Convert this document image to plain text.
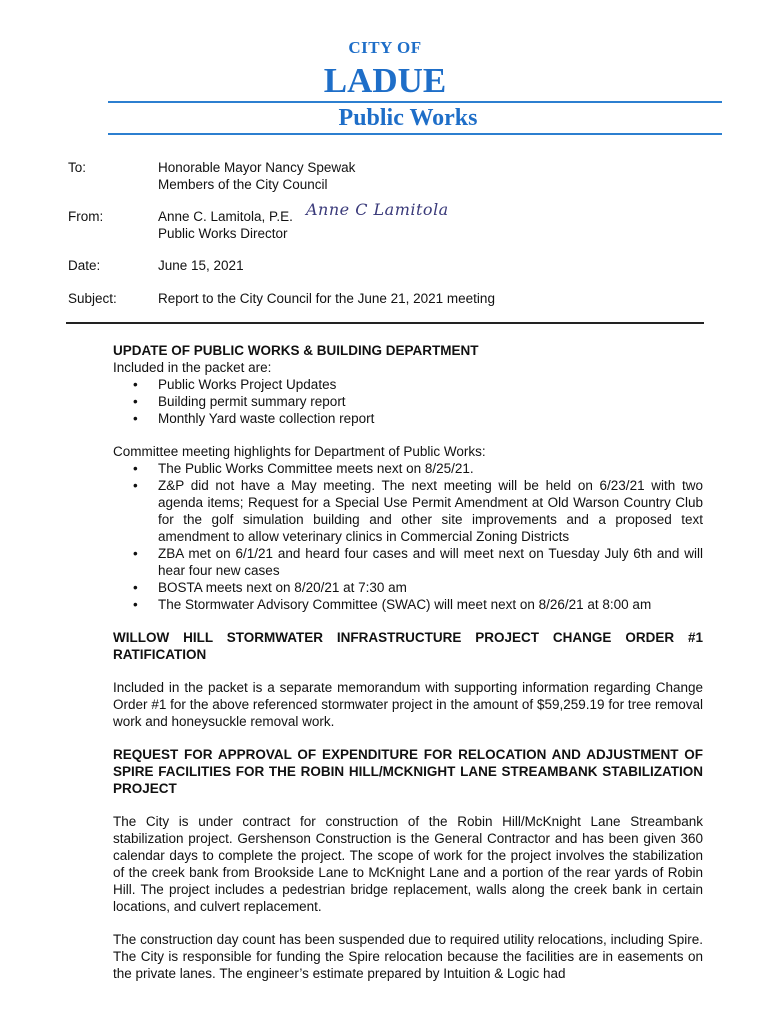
CITY OF
LADUE
Public Works
To:	Honorable Mayor Nancy Spewak
Members of the City Council
From:	Anne C. Lamitola, P.E. Anne C Lamitola
Public Works Director
Date:	June 15, 2021
Subject:	Report to the City Council for the June 21, 2021 meeting
UPDATE OF PUBLIC WORKS & BUILDING DEPARTMENT
Included in the packet are:
• Public Works Project Updates
• Building permit summary report
• Monthly Yard waste collection report
Committee meeting highlights for Department of Public Works:
• The Public Works Committee meets next on 8/25/21.
• Z&P did not have a May meeting. The next meeting will be held on 6/23/21 with two agenda items; Request for a Special Use Permit Amendment at Old Warson Country Club for the golf simulation building and other site improvements and a proposed text amendment to allow veterinary clinics in Commercial Zoning Districts
• ZBA met on 6/1/21 and heard four cases and will meet next on Tuesday July 6th and will hear four new cases
• BOSTA meets next on 8/20/21 at 7:30 am
• The Stormwater Advisory Committee (SWAC) will meet next on 8/26/21 at 8:00 am
WILLOW HILL STORMWATER INFRASTRUCTURE PROJECT CHANGE ORDER #1 RATIFICATION
Included in the packet is a separate memorandum with supporting information regarding Change Order #1 for the above referenced stormwater project in the amount of $59,259.19 for tree removal work and honeysuckle removal work.
REQUEST FOR APPROVAL OF EXPENDITURE FOR RELOCATION AND ADJUSTMENT OF SPIRE FACILITIES FOR THE ROBIN HILL/MCKNIGHT LANE STREAMBANK STABILIZATION PROJECT
The City is under contract for construction of the Robin Hill/McKnight Lane Streambank stabilization project. Gershenson Construction is the General Contractor and has been given 360 calendar days to complete the project. The scope of work for the project involves the stabilization of the creek bank from Brookside Lane to McKnight Lane and a portion of the rear yards of Robin Hill. The project includes a pedestrian bridge replacement, walls along the creek bank in certain locations, and culvert replacement.
The construction day count has been suspended due to required utility relocations, including Spire. The City is responsible for funding the Spire relocation because the facilities are in easements on the private lanes. The engineer’s estimate prepared by Intuition & Logic had
